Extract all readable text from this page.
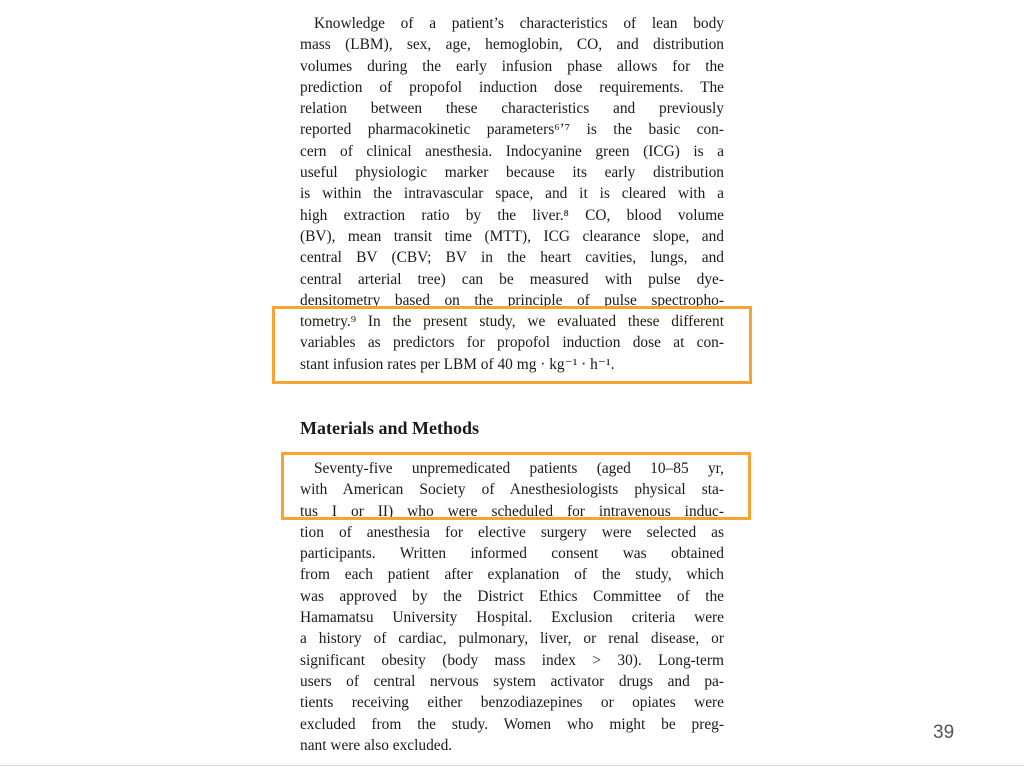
Knowledge of a patient’s characteristics of lean body
mass (LBM), sex, age, hemoglobin, CO, and distribution
volumes during the early infusion phase allows for the
prediction of propofol induction dose requirements. The
relation between these characteristics and previously
reported pharmacokinetic parameters⁶ʼ⁷ is the basic con-
cern of clinical anesthesia. Indocyanine green (ICG) is a
useful physiologic marker because its early distribution
is within the intravascular space, and it is cleared with a
high extraction ratio by the liver.⁸ CO, blood volume
(BV), mean transit time (MTT), ICG clearance slope, and
central BV (CBV; BV in the heart cavities, lungs, and
central arterial tree) can be measured with pulse dye-
densitometry based on the principle of pulse spectropho-
tometry.⁹ In the present study, we evaluated these different
variables as predictors for propofol induction dose at con-
stant infusion rates per LBM of 40 mg · kg⁻¹ · h⁻¹.
Materials and Methods
Seventy-five unpremedicated patients (aged 10–85 yr,
with American Society of Anesthesiologists physical sta-
tus I or II) who were scheduled for intravenous induc-
tion of anesthesia for elective surgery were selected as
participants. Written informed consent was obtained
from each patient after explanation of the study, which
was approved by the District Ethics Committee of the
Hamamatsu University Hospital. Exclusion criteria were
a history of cardiac, pulmonary, liver, or renal disease, or
significant obesity (body mass index > 30). Long-term
users of central nervous system activator drugs and pa-
tients receiving either benzodiazepines or opiates were
excluded from the study. Women who might be preg-
nant were also excluded.
39
